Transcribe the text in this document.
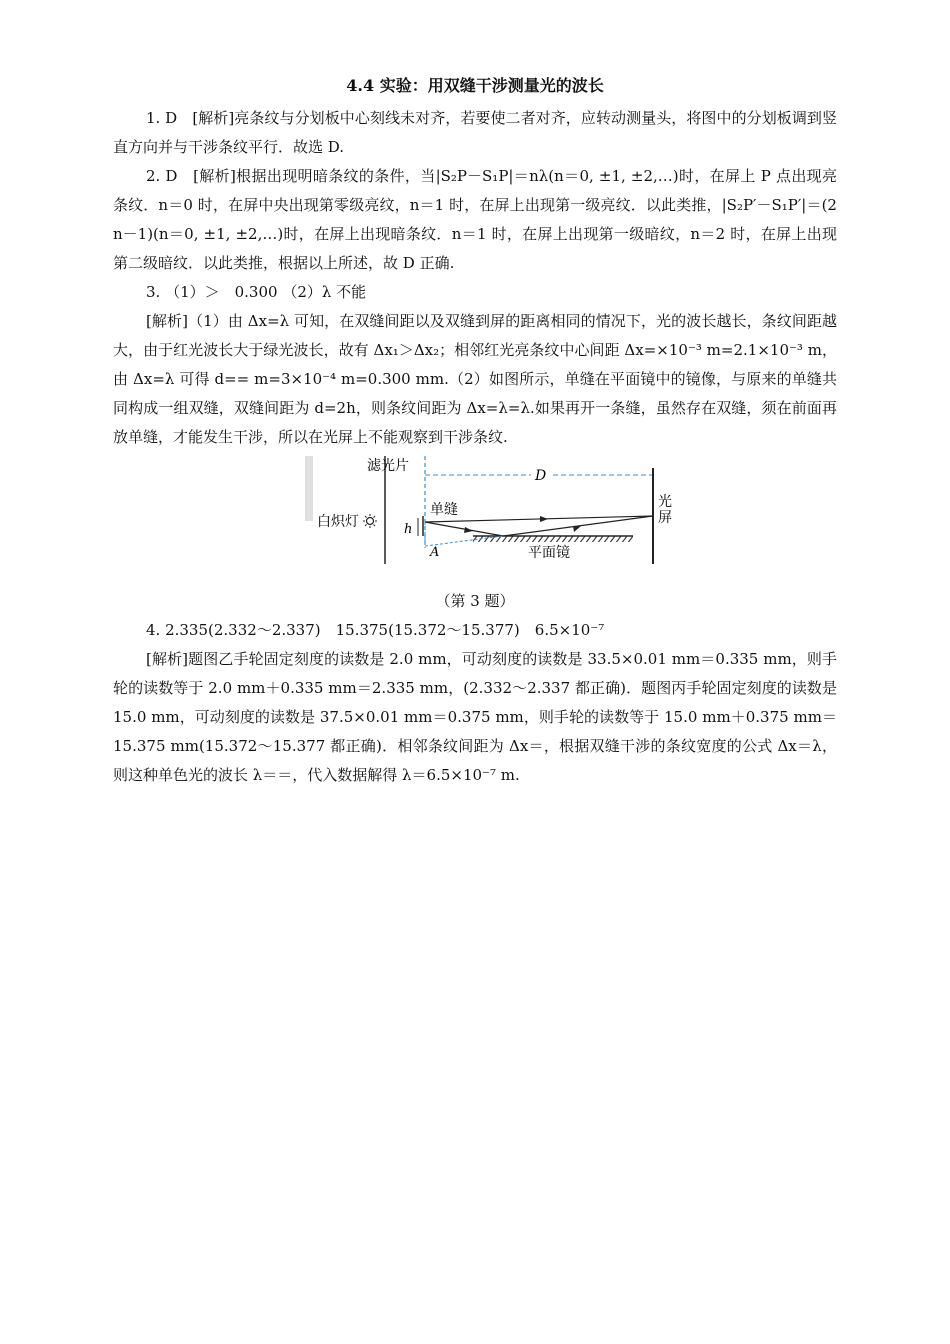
4.4 实验：用双缝干涉测量光的波长

1. D　[解析]亮条纹与分划板中心刻线未对齐，若要使二者对齐，应转动测量头，将图中的分划板调到竖直方向并与干涉条纹平行．故选 D.

2. D　[解析]根据出现明暗条纹的条件，当|S₂P－S₁P|＝nλ(n＝0, ±1, ±2,…)时，在屏上 P 点出现亮条纹．n＝0 时，在屏中央出现第零级亮纹，n＝1 时，在屏上出现第一级亮纹．以此类推，|S₂P′－S₁P′|＝(2n－1)(n＝0, ±1, ±2,…)时，在屏上出现暗条纹．n＝1 时，在屏上出现第一级暗纹，n＝2 时，在屏上出现第二级暗纹．以此类推，根据以上所述，故 D 正确.

3. （1）＞　0.300 （2）λ 不能

[解析]（1）由 Δx=λ 可知，在双缝间距以及双缝到屏的距离相同的情况下，光的波长越长，条纹间距越大，由于红光波长大于绿光波长，故有 Δx₁＞Δx₂；相邻红光亮条纹中心间距 Δx=×10⁻³ m=2.1×10⁻³ m，由 Δx=λ 可得 d== m=3×10⁻⁴ m=0.300 mm.（2）如图所示，单缝在平面镜中的镜像，与原来的单缝共同构成一组双缝，双缝间距为 d=2h，则条纹间距为 Δx=λ=λ.如果再开一条缝，虽然存在双缝，须在前面再放单缝，才能发生干涉，所以在光屏上不能观察到干涉条纹.

白炽灯
滤光片
单缝
h
A
D
光
屏
平面镜
（第 3 题）

4. 2.335(2.332～2.337)　15.375(15.372～15.377)　6.5×10⁻⁷

[解析]题图乙手轮固定刻度的读数是 2.0 mm，可动刻度的读数是 33.5×0.01 mm＝0.335 mm，则手轮的读数等于 2.0 mm＋0.335 mm＝2.335 mm，(2.332～2.337 都正确)．题图丙手轮固定刻度的读数是 15.0 mm，可动刻度的读数是 37.5×0.01 mm＝0.375 mm，则手轮的读数等于 15.0 mm＋0.375 mm＝15.375 mm(15.372～15.377 都正确)．相邻条纹间距为 Δx＝，根据双缝干涉的条纹宽度的公式 Δx＝λ，则这种单色光的波长 λ＝＝，代入数据解得 λ＝6.5×10⁻⁷ m.
